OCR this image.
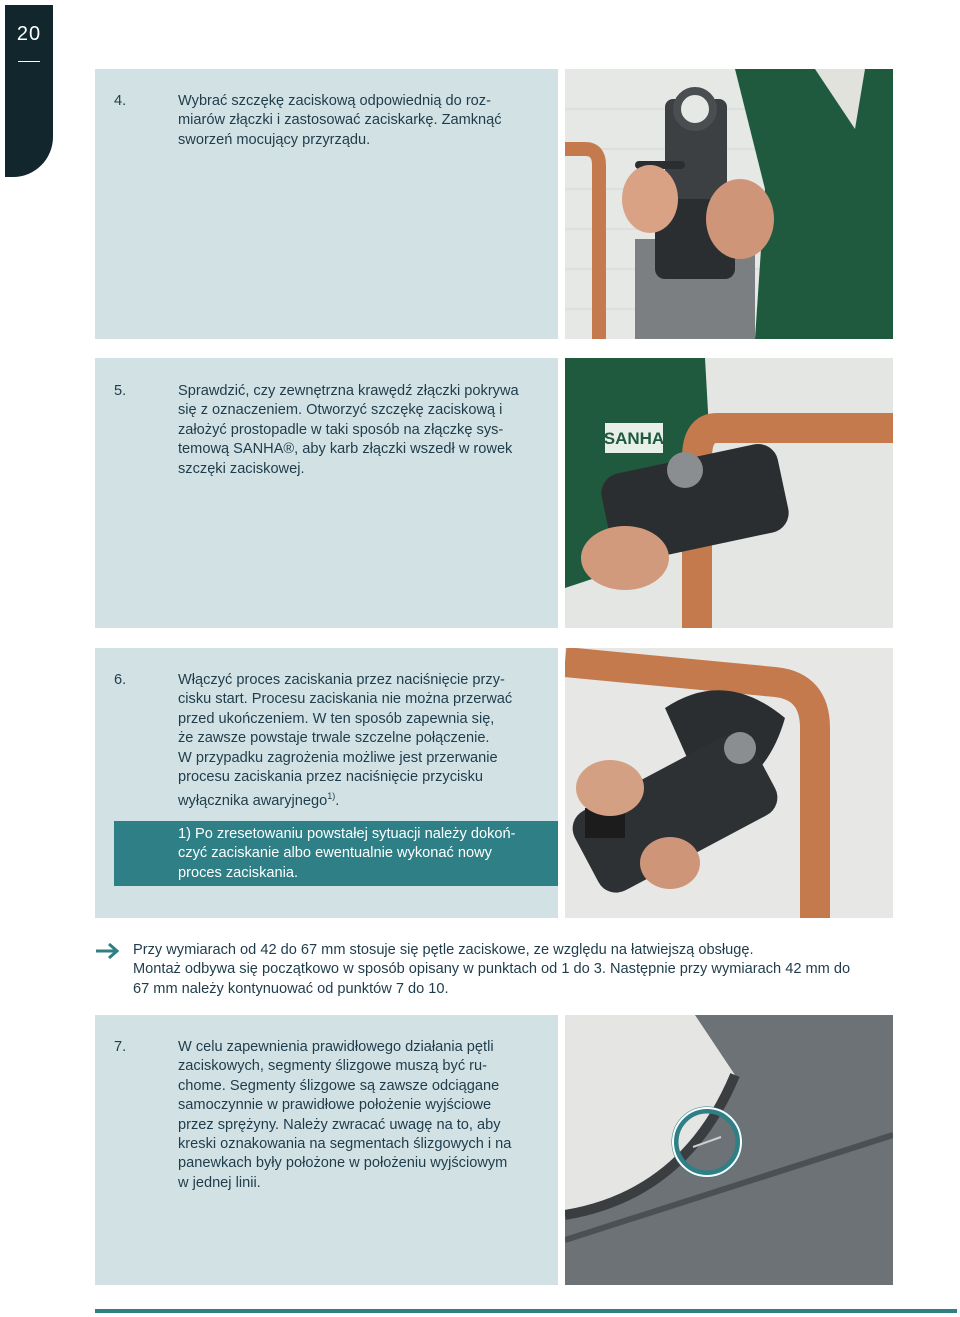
20
4.	Wybrać szczękę zaciskową odpowiednią do roz-
miarów złączki i zastosować zaciskarkę. Zamknąć
sworzeń mocujący przyrządu.
5.	Sprawdzić, czy zewnętrzna krawędź złączki pokrywa
się z oznaczeniem. Otworzyć szczękę zaciskową i
założyć prostopadle w taki sposób na złączkę sys-
temową SANHA®, aby karb złączki wszedł w rowek
szczęki zaciskowej.
SANHA
6.	Włączyć proces zaciskania przez naciśnięcie przy-
cisku start. Procesu zaciskania nie można przerwać
przed ukończeniem. W ten sposób zapewnia się,
że zawsze powstaje trwale szczelne połączenie.
W przypadku zagrożenia możliwe jest przerwanie
procesu zaciskania przez naciśnięcie przycisku
wyłącznika awaryjnego$^{1)}$.
1) Po zresetowaniu powstałej sytuacji należy dokoń-
czyć zaciskanie albo ewentualnie wykonać nowy
proces zaciskania.
Przy wymiarach od 42 do 67 mm stosuje się pętle zaciskowe, ze względu na łatwiejszą obsługę.
Montaż odbywa się początkowo w sposób opisany w punktach od 1 do 3. Następnie przy wymiarach 42 mm do
67 mm należy kontynuować od punktów 7 do 10.
7.	W celu zapewnienia prawidłowego działania pętli
zaciskowych, segmenty ślizgowe muszą być ru-
chome. Segmenty ślizgowe są zawsze odciągane
samoczynnie w prawidłowe położenie wyjściowe
przez sprężyny. Należy zwracać uwagę na to, aby
kreski oznakowania na segmentach ślizgowych i na
panewkach były położone w położeniu wyjściowym
w jednej linii.
